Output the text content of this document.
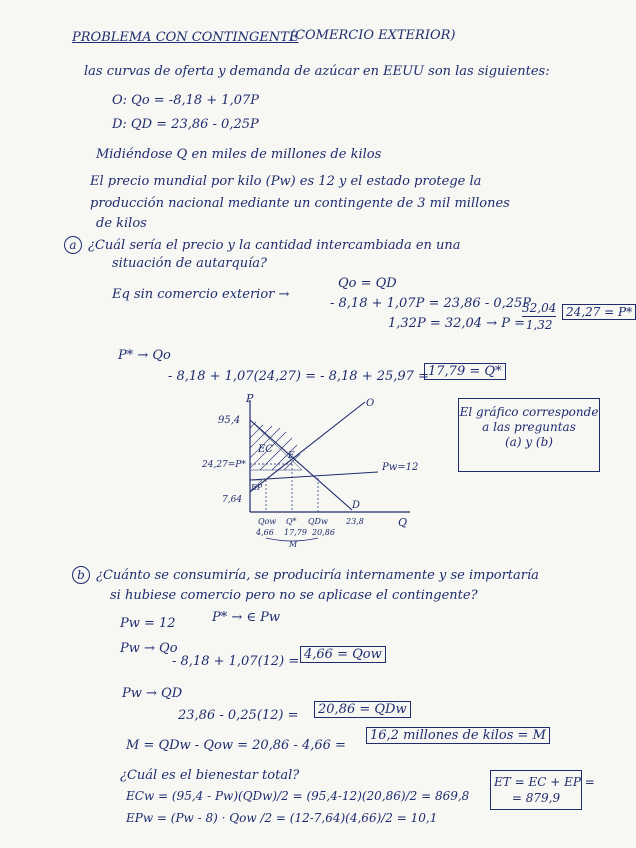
PROBLEMA CON CONTINGENTE
(COMERCIO EXTERIOR)
las curvas de oferta y demanda de azúcar en EEUU son las siguientes:
O: Qo = -8,18 + 1,07P
D: QD = 23,86 - 0,25P
Midiéndose Q en miles de millones de kilos
El precio mundial por kilo (Pw) es 12 y el estado protege la
producción nacional mediante un contingente de 3 mil millones
de kilos
a ¿Cuál sería el precio y la cantidad intercambiada en una
situación de autarquía?
Eq sin comercio exterior →
Qo = QD
- 8,18 + 1,07P = 23,86 - 0,25P
1,32P = 32,04 → P =
$\frac{32,04}{1,32} 24,27 = P*$
P* → Qo
- 8,18 + 1,07(24,27) = - 8,18 + 25,97 = 17,79 = Q*
P
Q
95,4
24,27=P*
7,64
Pw=12
O
D
EC
EP
E
Qow Q* QDw 23,8
4,66 17,79 20,86
M
El gráfico corresponde
a las preguntas
(a) y (b)
b ¿Cuánto se consumiría, se produciría internamente y se importaría
si hubiese comercio pero no se aplicase el contingente?
Pw = 12	P* → ∈ Pw
Pw → Qo
- 8,18 + 1,07(12) = 4,66 = Qow
Pw → QD
23,86 - 0,25(12) =	20,86 = QDw
M = QDw - Qow = 20,86 - 4,66 =
16,2 millones de kilos = M
¿Cuál es el bienestar total?
ECw = (95,4 - Pw)(QDw)/2 = (95,4-12)(20,86)/2 = 869,8
EPw = (Pw - 8) · Qow /2 = (12-7,64)(4,66)/2 = 10,1
ET = EC + EP =
= 879,9
